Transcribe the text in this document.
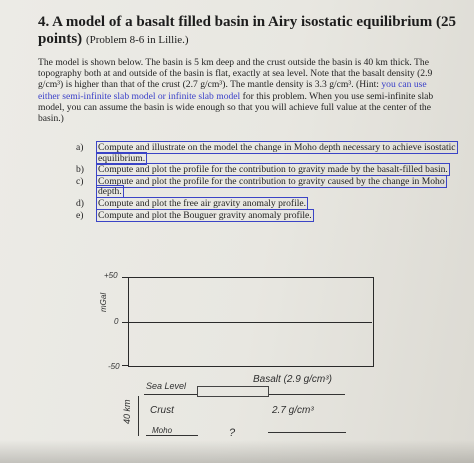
4. A model of a basalt filled basin in Airy isostatic equilibrium (25 points) (Problem 8-6 in Lillie.)
The model is shown below. The basin is 5 km deep and the crust outside the basin is 40 km thick. The topography both at and outside of the basin is flat, exactly at sea level. Note that the basalt density (2.9 g/cm³) is higher than that of the crust (2.7 g/cm³). The mantle density is 3.3 g/cm³. (Hint: you can use either semi-infinite slab model or infinite slab model for this problem. When you use semi-infinite slab model, you can assume the basin is wide enough so that you will achieve full value at the center of the basin.)
a) Compute and illustrate on the model the change in Moho depth necessary to achieve isostatic equilibrium.
b) Compute and plot the profile for the contribution to gravity made by the basalt-filled basin.
c) Compute and plot the profile for the contribution to gravity caused by the change in Moho depth.
d) Compute and plot the free air gravity anomaly profile.
e) Compute and plot the Bouguer gravity anomaly profile.
+50
0
-50
mGal
Sea Level
Basalt (2.9 g/cm³)
40 km Crust	2.7 g/cm³
Moho	?
